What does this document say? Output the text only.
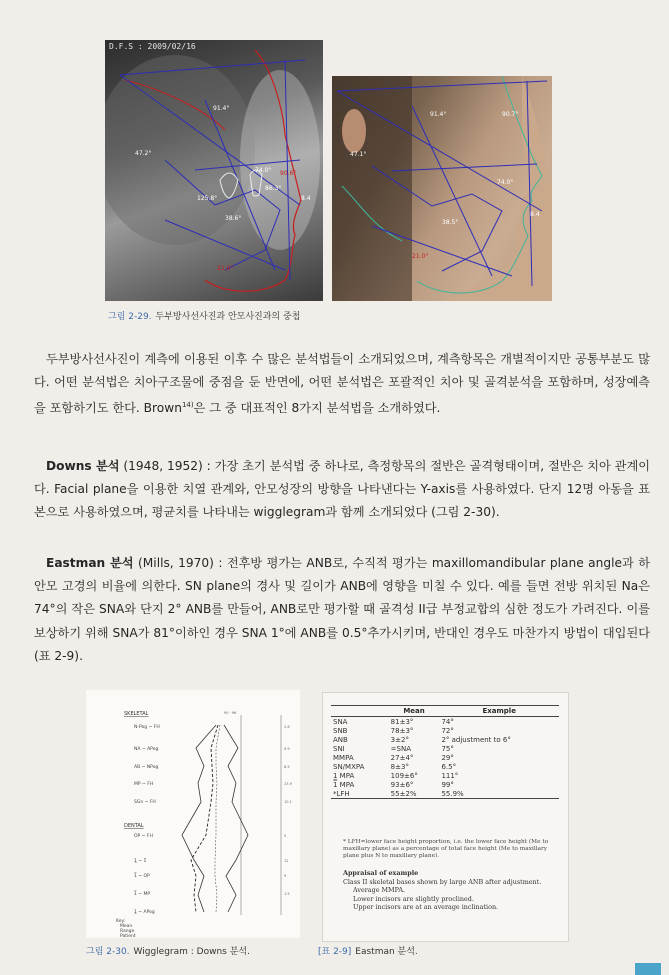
91.4°
47.2°
38.6°
21.0°
125.8°
90.6°
8.4
74.0°
86.3°
D.F.S : 2009/02/16
91.4°
47.1°
38.5°
21.0°
90.7°
74.0°
8.4
그림 2-29. 두부방사선사진과 안모사진과의 중첩

두부방사선사진이 계측에 이용된 이후 수 많은 분석법들이 소개되었으며, 계측항목은 개별적이지만 공통부분도 많다. 어떤 분석법은 치아구조물에 중점을 둔 반면에, 어떤 분석법은 포괄적인 치아 및 골격분석을 포함하며, 성장예측을 포함하기도 한다. Brown$^{14)}$은 그 중 대표적인 8가지 분석법을 소개하였다.

Downs 분석 (1948, 1952) : 가장 초기 분석법 중 하나로, 측정항목의 절반은 골격형태이며, 절반은 치아 관계이다. Facial plane을 이용한 치열 관계와, 안모성장의 방향을 나타낸다는 Y-axis를 사용하였다. 단지 12명 아동을 표본으로 사용하였으며, 평균치를 나타내는 wigglegram과 함께 소개되었다 (그림 2-30).

Eastman 분석 (Mills, 1970) : 전후방 평가는 ANB로, 수직적 평가는 maxillomandibular plane angle과 하안모 고경의 비율에 의한다. SN plane의 경사 및 길이가 ANB에 영향을 미칠 수 있다. 예를 들면 전방 위치된 Na은 74°의 작은 SNA와 단지 2° ANB를 만들어, ANB로만 평가할 때 골격성 II급 부정교합의 심한 정도가 가려진다. 이를 보상하기 위해 SNA가 81°이하인 경우 SNA 1°에 ANB를 0.5°추가시키며, 반대인 경우도 마찬가지 방법이 대입된다 (표 2-9).

SKELETAL
N-Pog ~ FH
NA ~ APog
AB ~ NPog
MP ~ FH
SGn ~ FH
DENTAL
OP ~ FH
1̲ ~ 1̅
1̅ ~ OP
1̅ ~ MP
1̲ ~ APog
Key:
Mean
Range
Patient
90 · 96
2.6
9.9
8.5
23.9
10.1
5
12
9
1.5
그림 2-30. Wigglegram : Downs 분석.
	Mean	Example
SNA	81±3°	74°
SNB	78±3°	72°
ANB	3±2°	2° adjustment to 6°
SNI	=SNA	75°
MMPA	27±4°	29°
SN/MXPA	8±3°	6.5°
1̲ MPA	109±6°	111°
1̅ MPA	93±6°	99°
*LFH	55±2%	55.9%
* LFH=lower face height proportion, i.e. the lower face height (Me to maxillary plane) as a percentage of total face height (Me to maxillary plane plus N to maxillary plane).
Appraisal of example
Class II skeletal bases shown by large ANB after adjustment.
Average MMPA.
Lower incisors are slightly proclined.
Upper incisors are at an average inclination.
[표 2-9] Eastman 분석.
